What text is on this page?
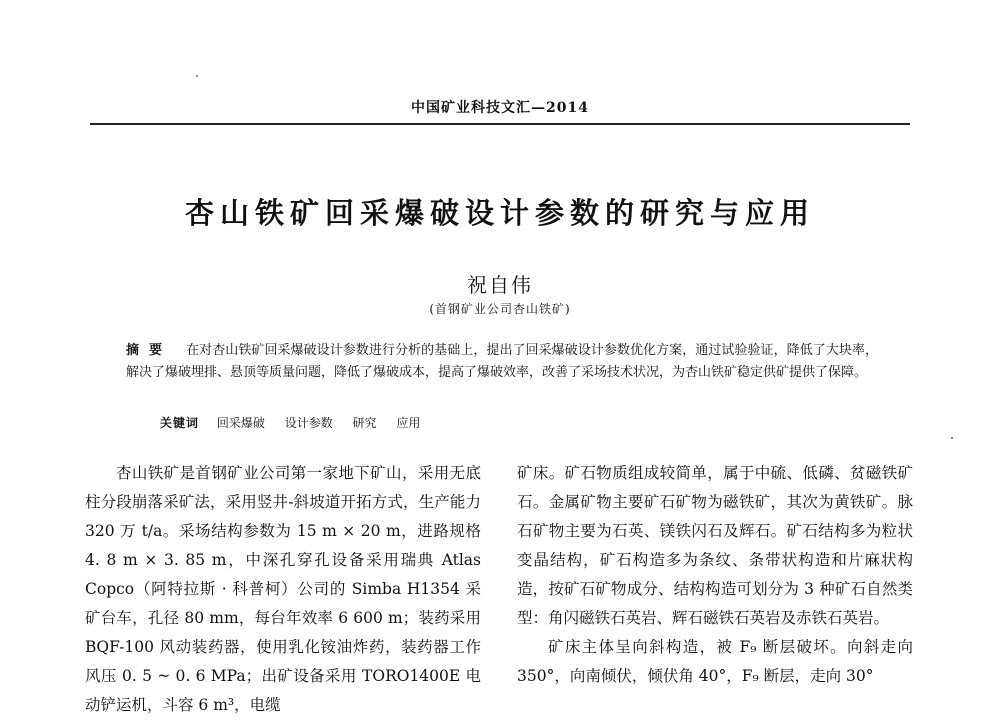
中国矿业科技文汇—2014
杏山铁矿回采爆破设计参数的研究与应用
祝自伟
(首钢矿业公司杏山铁矿)
摘要 在对杏山铁矿回采爆破设计参数进行分析的基础上，提出了回采爆破设计参数优化方案，通过试验验证，降低了大块率，解决了爆破埋排、悬顶等质量问题，降低了爆破成本，提高了爆破效率，改善了采场技术状况，为杏山铁矿稳定供矿提供了保障。
关键词 回采爆破 设计参数 研究 应用

杏山铁矿是首钢矿业公司第一家地下矿山，采用无底柱分段崩落采矿法，采用竖井-斜坡道开拓方式，生产能力 320 万 t/a。采场结构参数为 15 m × 20 m，进路规格 4. 8 m × 3. 85 m，中深孔穿孔设备采用瑞典 Atlas Copco（阿特拉斯 · 科普柯）公司的 Simba H1354 采矿台车，孔径 80 mm，每台年效率 6 600 m；装药采用 BQF-100 风动装药器，使用乳化铵油炸药，装药器工作风压 0. 5 ~ 0. 6 MPa；出矿设备采用 TORO1400E 电动铲运机，斗容 6 m³，电缆

矿床。矿石物质组成较简单，属于中硫、低磷、贫磁铁矿石。金属矿物主要矿石矿物为磁铁矿，其次为黄铁矿。脉石矿物主要为石英、镁铁闪石及辉石。矿石结构多为粒状变晶结构，矿石构造多为条纹、条带状构造和片麻状构造，按矿石矿物成分、结构构造可划分为 3 种矿石自然类型：角闪磁铁石英岩、辉石磁铁石英岩及赤铁石英岩。

矿床主体呈向斜构造，被 F₉ 断层破坏。向斜走向 350°，向南倾伏，倾伏角 40°，F₉ 断层，走向 30°
